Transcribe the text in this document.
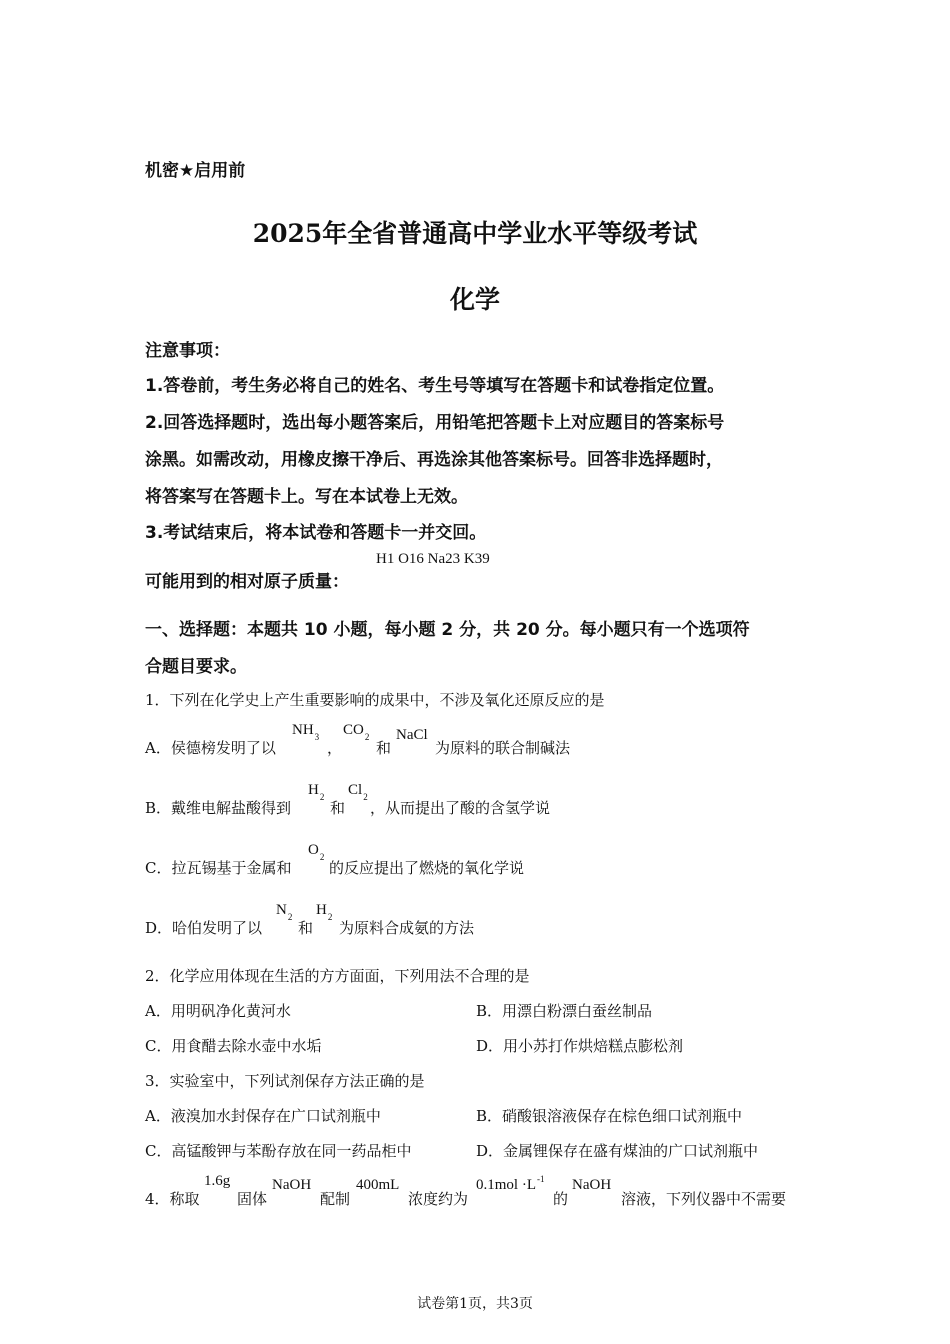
机密★启用前
2025年全省普通高中学业水平等级考试
化学
注意事项：
1.答卷前，考生务必将自己的姓名、考生号等填写在答题卡和试卷指定位置。
2.回答选择题时，选出每小题答案后，用铅笔把答题卡上对应题目的答案标号
涂黑。如需改动，用橡皮擦干净后、再选涂其他答案标号。回答非选择题时，
将答案写在答题卡上。写在本试卷上无效。
3.考试结束后，将本试卷和答题卡一并交回。
可能用到的相对原子质量：
H1 O16 Na23 K39
一、选择题：本题共 10 小题，每小题 2 分，共 20 分。每小题只有一个选项符
合题目要求。
1．下列在化学史上产生重要影响的成果中，不涉及氧化还原反应的是
A．侯德榜发明了以
$NH_3$
，
$CO_2$
和
NaCl
为原料的联合制碱法
B．戴维电解盐酸得到
$H_2$
和
$Cl_2$
，从而提出了酸的含氢学说
C．拉瓦锡基于金属和
$O_2$
的反应提出了燃烧的氧化学说
D．哈伯发明了以
$N_2$
和
$H_2$
为原料合成氨的方法
2．化学应用体现在生活的方方面面，下列用法不合理的是
A．用明矾净化黄河水	B．用漂白粉漂白蚕丝制品
C．用食醋去除水壶中水垢	D．用小苏打作烘焙糕点膨松剂
3．实验室中，下列试剂保存方法正确的是
A．液溴加水封保存在广口试剂瓶中	B．硝酸银溶液保存在棕色细口试剂瓶中
C．高锰酸钾与苯酚存放在同一药品柜中	D．金属锂保存在盛有煤油的广口试剂瓶中
4．称取
1.6g
固体
NaOH
配制
400mL
浓度约为
$0.1mol \cdot L^{-1}$
的
NaOH
溶液，下列仪器中不需要
试卷第1页，共3页
